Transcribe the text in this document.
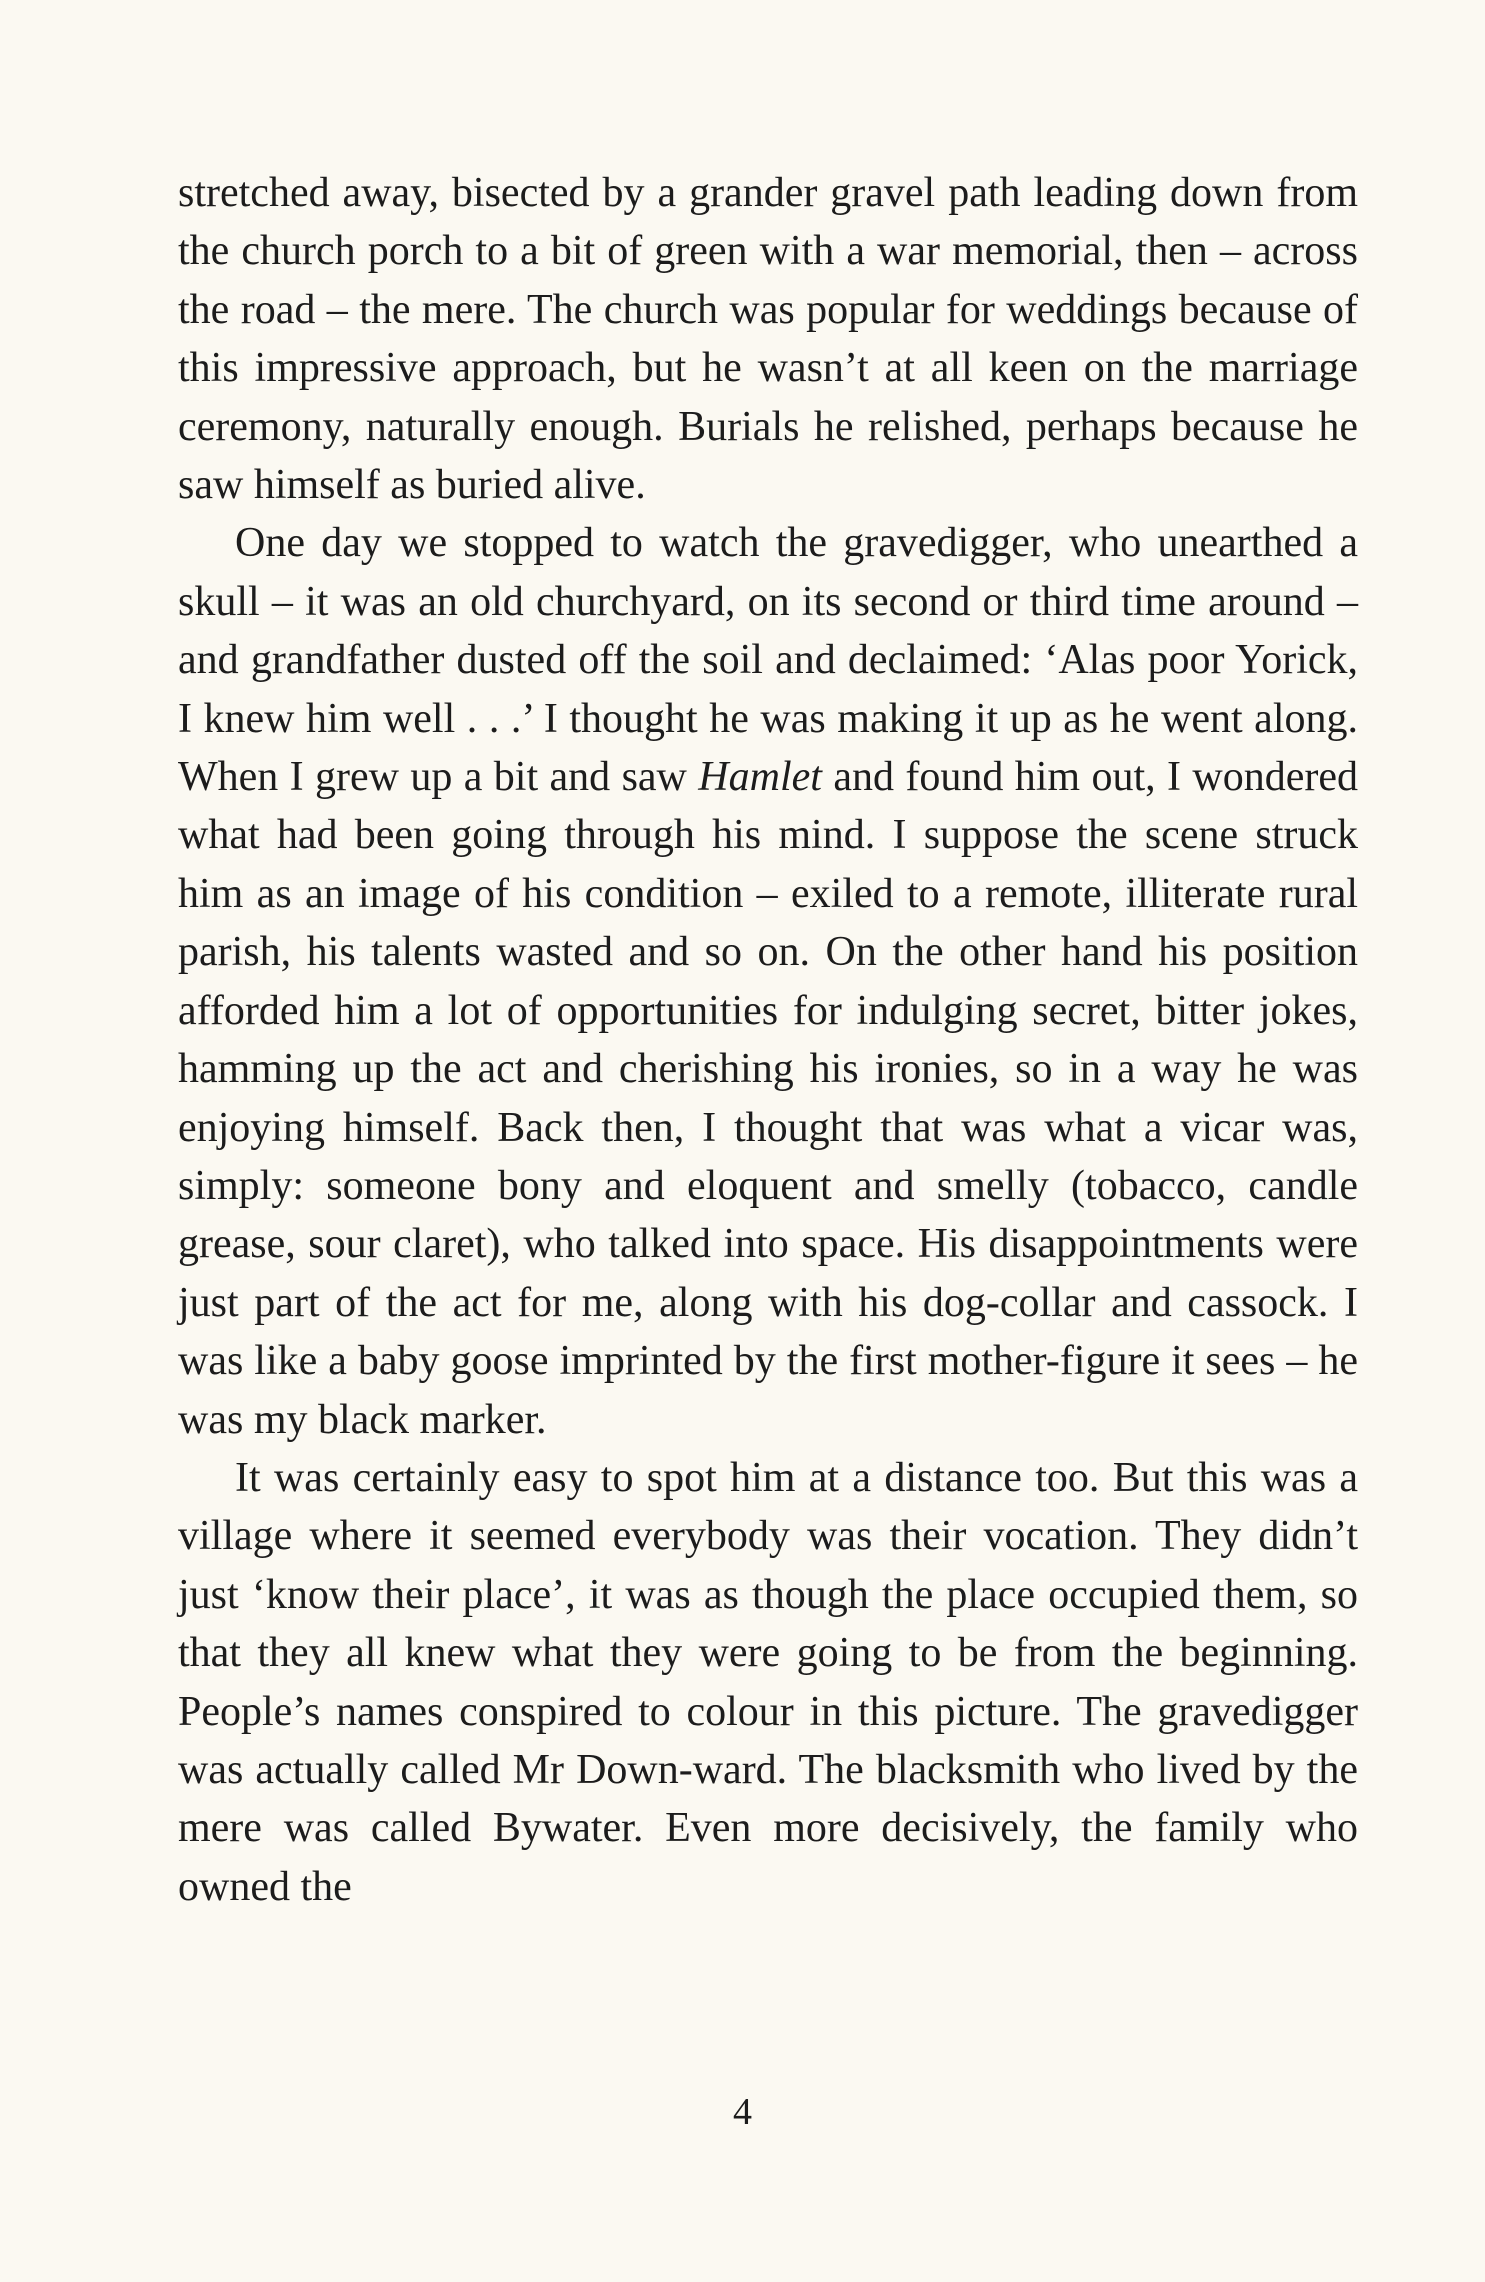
stretched away, bisected by a grander gravel path leading down from the church porch to a bit of green with a war memorial, then – across the road – the mere. The church was popular for weddings because of this impressive approach, but he wasn’t at all keen on the marriage ceremony, naturally enough. Burials he relished, perhaps because he saw himself as buried alive.

One day we stopped to watch the gravedigger, who unearthed a skull – it was an old churchyard, on its second or third time around – and grandfather dusted off the soil and declaimed: ‘Alas poor Yorick, I knew him well . . .’ I thought he was making it up as he went along. When I grew up a bit and saw Hamlet and found him out, I wondered what had been going through his mind. I suppose the scene struck him as an image of his condition – exiled to a remote, illiterate rural parish, his talents wasted and so on. On the other hand his position afforded him a lot of opportunities for indulging secret, bitter jokes, hamming up the act and cherishing his ironies, so in a way he was enjoying himself. Back then, I thought that was what a vicar was, simply: someone bony and eloquent and smelly (tobacco, candle grease, sour claret), who talked into space. His disappointments were just part of the act for me, along with his dog-collar and cassock. I was like a baby goose imprinted by the first mother-figure it sees – he was my black marker.

It was certainly easy to spot him at a distance too. But this was a village where it seemed everybody was their vocation. They didn’t just ‘know their place’, it was as though the place occupied them, so that they all knew what they were going to be from the beginning. People’s names conspired to colour in this picture. The gravedigger was actually called Mr Down-ward. The blacksmith who lived by the mere was called Bywater. Even more decisively, the family who owned the

4
